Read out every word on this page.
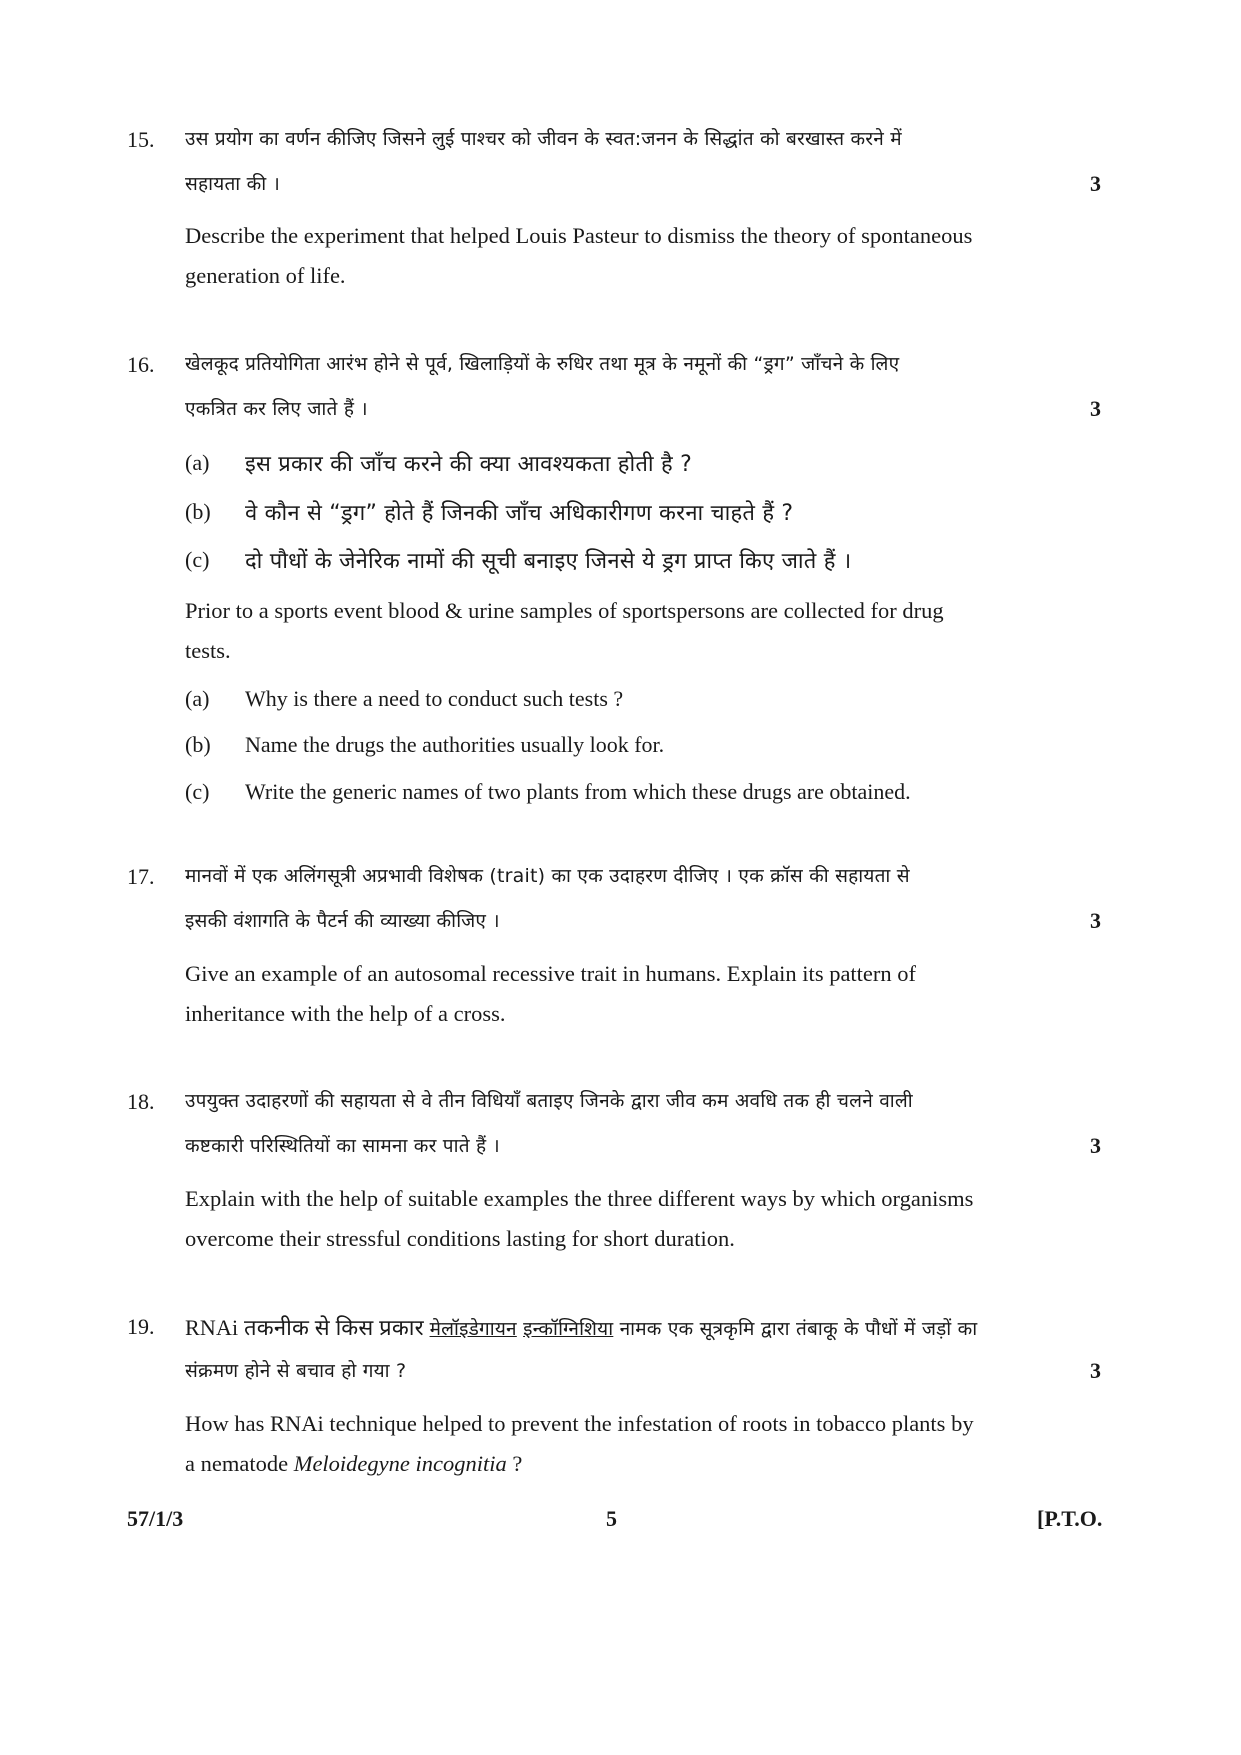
15. उस प्रयोग का वर्णन कीजिए जिसने लुई पाश्चर को जीवन के स्वत:जनन के सिद्धांत को बरखास्त करने में
सहायता की ।	3
Describe the experiment that helped Louis Pasteur to dismiss the theory of spontaneous
generation of life.
16. खेलकूद प्रतियोगिता आरंभ होने से पूर्व, खिलाड़ियों के रुधिर तथा मूत्र के नमूनों की “ड्रग” जाँचने के लिए
एकत्रित कर लिए जाते हैं ।	3
(a) इस प्रकार की जाँच करने की क्या आवश्यकता होती है ?
(b) वे कौन से “ड्रग” होते हैं जिनकी जाँच अधिकारीगण करना चाहते हैं ?
(c) दो पौधों के जेनेरिक नामों की सूची बनाइए जिनसे ये ड्रग प्राप्त किए जाते हैं ।
Prior to a sports event blood & urine samples of sportspersons are collected for drug
tests.
(a) Why is there a need to conduct such tests ?
(b) Name the drugs the authorities usually look for.
(c) Write the generic names of two plants from which these drugs are obtained.
17. मानवों में एक अलिंगसूत्री अप्रभावी विशेषक (trait) का एक उदाहरण दीजिए । एक क्रॉस की सहायता से
इसकी वंशागति के पैटर्न की व्याख्या कीजिए ।	3
Give an example of an autosomal recessive trait in humans. Explain its pattern of
inheritance with the help of a cross.
18. उपयुक्त उदाहरणों की सहायता से वे तीन विधियाँ बताइए जिनके द्वारा जीव कम अवधि तक ही चलने वाली
कष्टकारी परिस्थितियों का सामना कर पाते हैं ।	3
Explain with the help of suitable examples the three different ways by which organisms
overcome their stressful conditions lasting for short duration.
19. RNAi तकनीक से किस प्रकार मेलॉइडेगायन इन्कॉग्निशिया नामक एक सूत्रकृमि द्वारा तंबाकू के पौधों में जड़ों का
संक्रमण होने से बचाव हो गया ?	3
How has RNAi technique helped to prevent the infestation of roots in tobacco plants by
a nematode Meloidegyne incognitia ?
57/1/3	5	[P.T.O.
